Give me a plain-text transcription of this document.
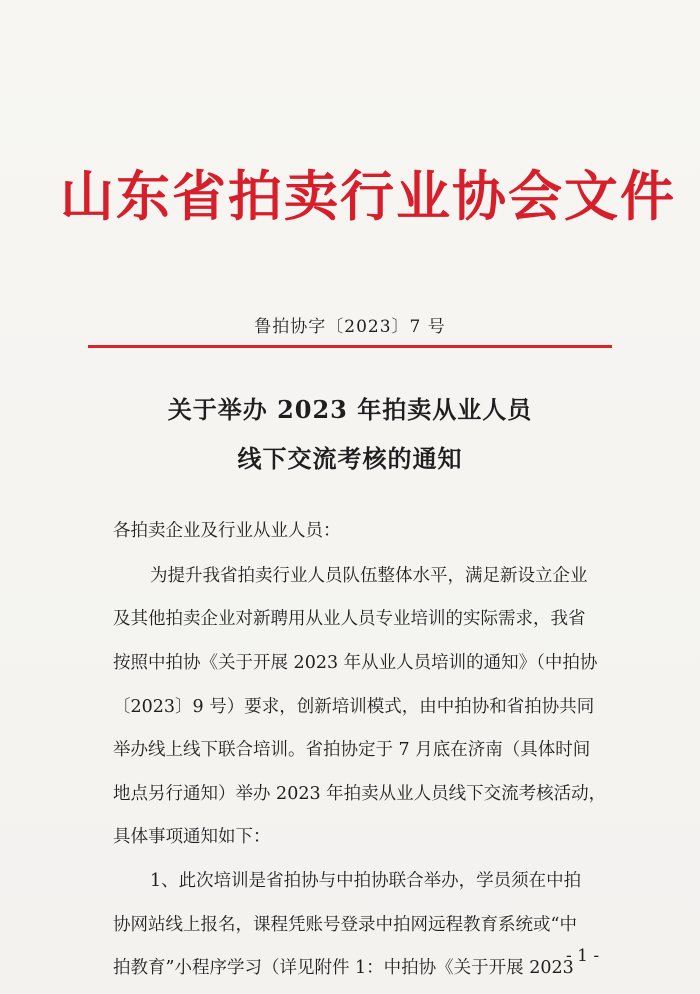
山东省拍卖行业协会文件
鲁拍协字〔2023〕7 号
关于举办 2023 年拍卖从业人员
线下交流考核的通知
各拍卖企业及行业从业人员：
为提升我省拍卖行业人员队伍整体水平，满足新设立企业
及其他拍卖企业对新聘用从业人员专业培训的实际需求，我省
按照中拍协《关于开展 2023 年从业人员培训的通知》（中拍协
〔2023〕9 号）要求，创新培训模式，由中拍协和省拍协共同
举办线上线下联合培训。省拍协定于 7 月底在济南（具体时间
地点另行通知）举办 2023 年拍卖从业人员线下交流考核活动，
具体事项通知如下：
1、此次培训是省拍协与中拍协联合举办，学员须在中拍
协网站线上报名，课程凭账号登录中拍网远程教育系统或“中
拍教育”小程序学习（详见附件 1：中拍协《关于开展 2023
- 1 -
